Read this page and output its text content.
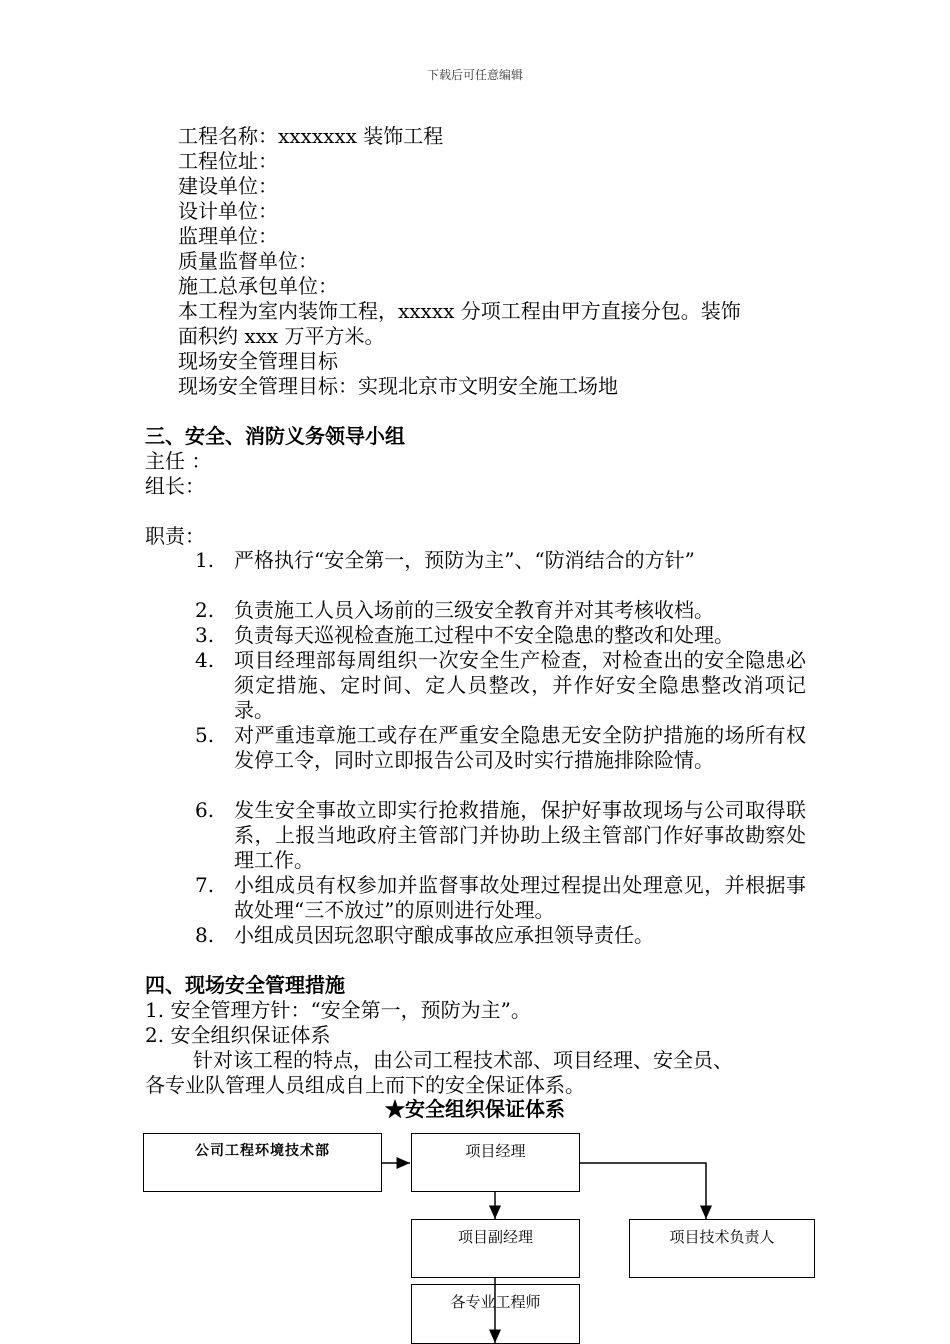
下载后可任意编辑
工程名称：xxxxxxx 装饰工程
工程位址：
建设单位：
设计单位：
监理单位：
质量监督单位：
施工总承包单位：
本工程为室内装饰工程，xxxxx 分项工程由甲方直接分包。装饰
面积约 xxx 万平方米。
现场安全管理目标
现场安全管理目标：实现北京市文明安全施工场地
三、安全、消防义务领导小组
主任 ：
组长：
职责：
1. 严格执行“安全第一，预防为主”、“防消结合的方针”
2. 负责施工人员入场前的三级安全教育并对其考核收档。
3. 负责每天巡视检查施工过程中不安全隐患的整改和处理。
4. 项目经理部每周组织一次安全生产检查，对检查出的安全隐患必须定措施、定时间、定人员整改，并作好安全隐患整改消项记录。
5. 对严重违章施工或存在严重安全隐患无安全防护措施的场所有权发停工令，同时立即报告公司及时实行措施排除险情。
6. 发生安全事故立即实行抢救措施，保护好事故现场与公司取得联系，上报当地政府主管部门并协助上级主管部门作好事故勘察处理工作。
7. 小组成员有权参加并监督事故处理过程提出处理意见，并根据事故处理“三不放过”的原则进行处理。
8. 小组成员因玩忽职守酿成事故应承担领导责任。
四、现场安全管理措施
1. 安全管理方针：“安全第一，预防为主”。
2. 安全组织保证体系
针对该工程的特点，由公司工程技术部、项目经理、安全员、
各专业队管理人员组成自上而下的安全保证体系。
★安全组织保证体系
公司工程环境技术部	项目经理
项目副经理	项目技术负责人
各专业工程师
